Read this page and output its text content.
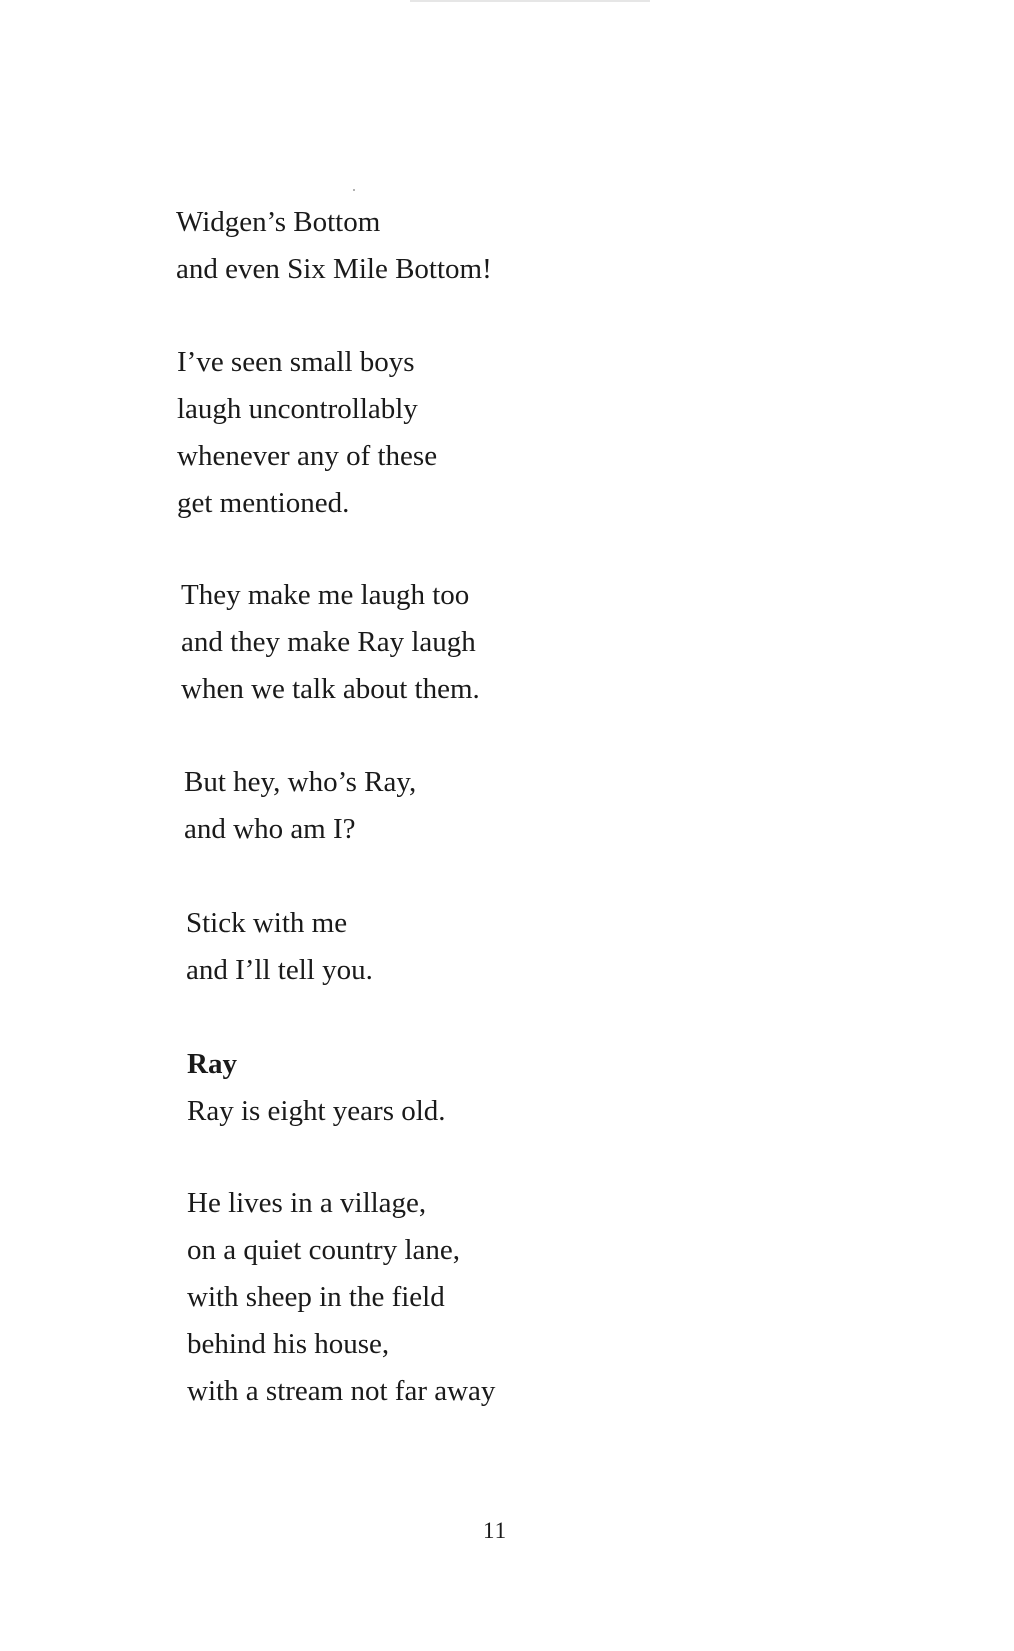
Widgen’s Bottom
and even Six Mile Bottom!
I’ve seen small boys
laugh uncontrollably
whenever any of these
get mentioned.
They make me laugh too
and they make Ray laugh
when we talk about them.
But hey, who’s Ray,
and who am I?
Stick with me
and I’ll tell you.
Ray
Ray is eight years old.
He lives in a village,
on a quiet country lane,
with sheep in the field
behind his house,
with a stream not far away
11
